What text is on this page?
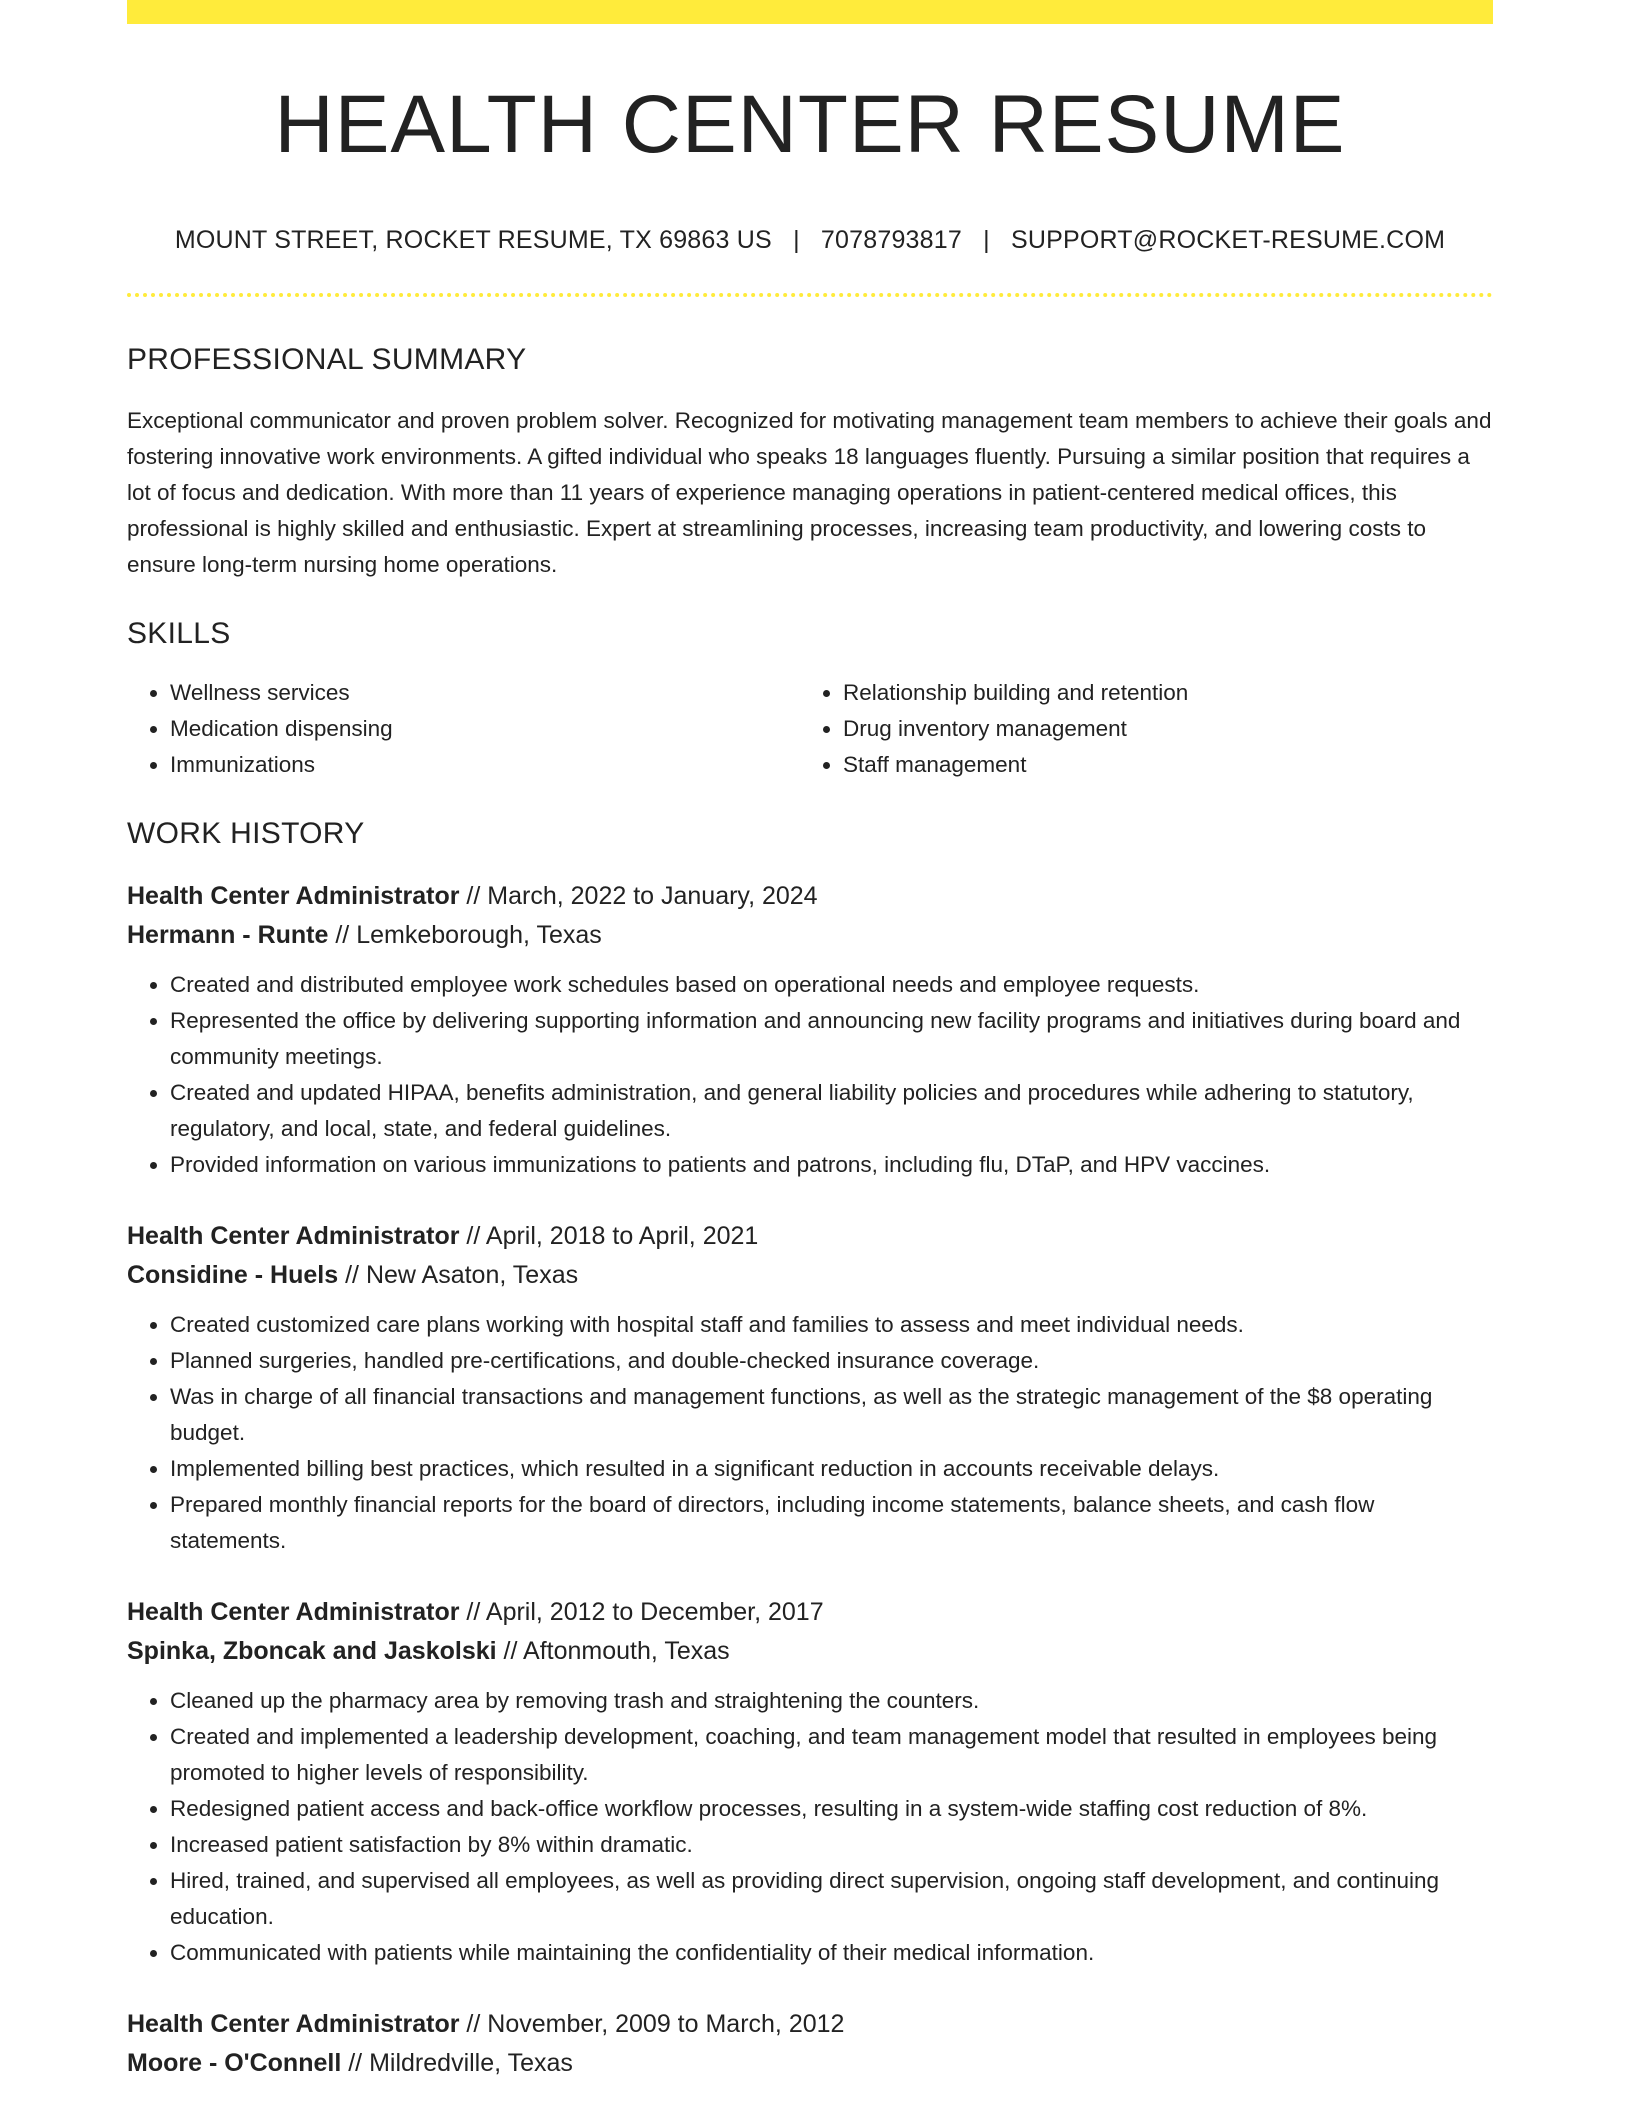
HEALTH CENTER RESUME
MOUNT STREET, ROCKET RESUME, TX 69863 US | 7078793817 | SUPPORT@ROCKET-RESUME.COM
PROFESSIONAL SUMMARY

Exceptional communicator and proven problem solver. Recognized for motivating management team members to achieve their goals and fostering innovative work environments. A gifted individual who speaks 18 languages fluently. Pursuing a similar position that requires a lot of focus and dedication. With more than 11 years of experience managing operations in patient-centered medical offices, this professional is highly skilled and enthusiastic. Expert at streamlining processes, increasing team productivity, and lowering costs to ensure long-term nursing home operations.

SKILLS
• Wellness services
• Medication dispensing
• Immunizations
• Relationship building and retention
• Drug inventory management
• Staff management
WORK HISTORY
Health Center Administrator // March, 2022 to January, 2024
Hermann - Runte // Lemkeborough, Texas
• Created and distributed employee work schedules based on operational needs and employee requests.
• Represented the office by delivering supporting information and announcing new facility programs and initiatives during board and community meetings.
• Created and updated HIPAA, benefits administration, and general liability policies and procedures while adhering to statutory, regulatory, and local, state, and federal guidelines.
• Provided information on various immunizations to patients and patrons, including flu, DTaP, and HPV vaccines.
Health Center Administrator // April, 2018 to April, 2021
Considine - Huels // New Asaton, Texas
• Created customized care plans working with hospital staff and families to assess and meet individual needs.
• Planned surgeries, handled pre-certifications, and double-checked insurance coverage.
• Was in charge of all financial transactions and management functions, as well as the strategic management of the $8 operating budget.
• Implemented billing best practices, which resulted in a significant reduction in accounts receivable delays.
• Prepared monthly financial reports for the board of directors, including income statements, balance sheets, and cash flow statements.
Health Center Administrator // April, 2012 to December, 2017
Spinka, Zboncak and Jaskolski // Aftonmouth, Texas
• Cleaned up the pharmacy area by removing trash and straightening the counters.
• Created and implemented a leadership development, coaching, and team management model that resulted in employees being promoted to higher levels of responsibility.
• Redesigned patient access and back-office workflow processes, resulting in a system-wide staffing cost reduction of 8%.
• Increased patient satisfaction by 8% within dramatic.
• Hired, trained, and supervised all employees, as well as providing direct supervision, ongoing staff development, and continuing education.
• Communicated with patients while maintaining the confidentiality of their medical information.
Health Center Administrator // November, 2009 to March, 2012
Moore - O'Connell // Mildredville, Texas
